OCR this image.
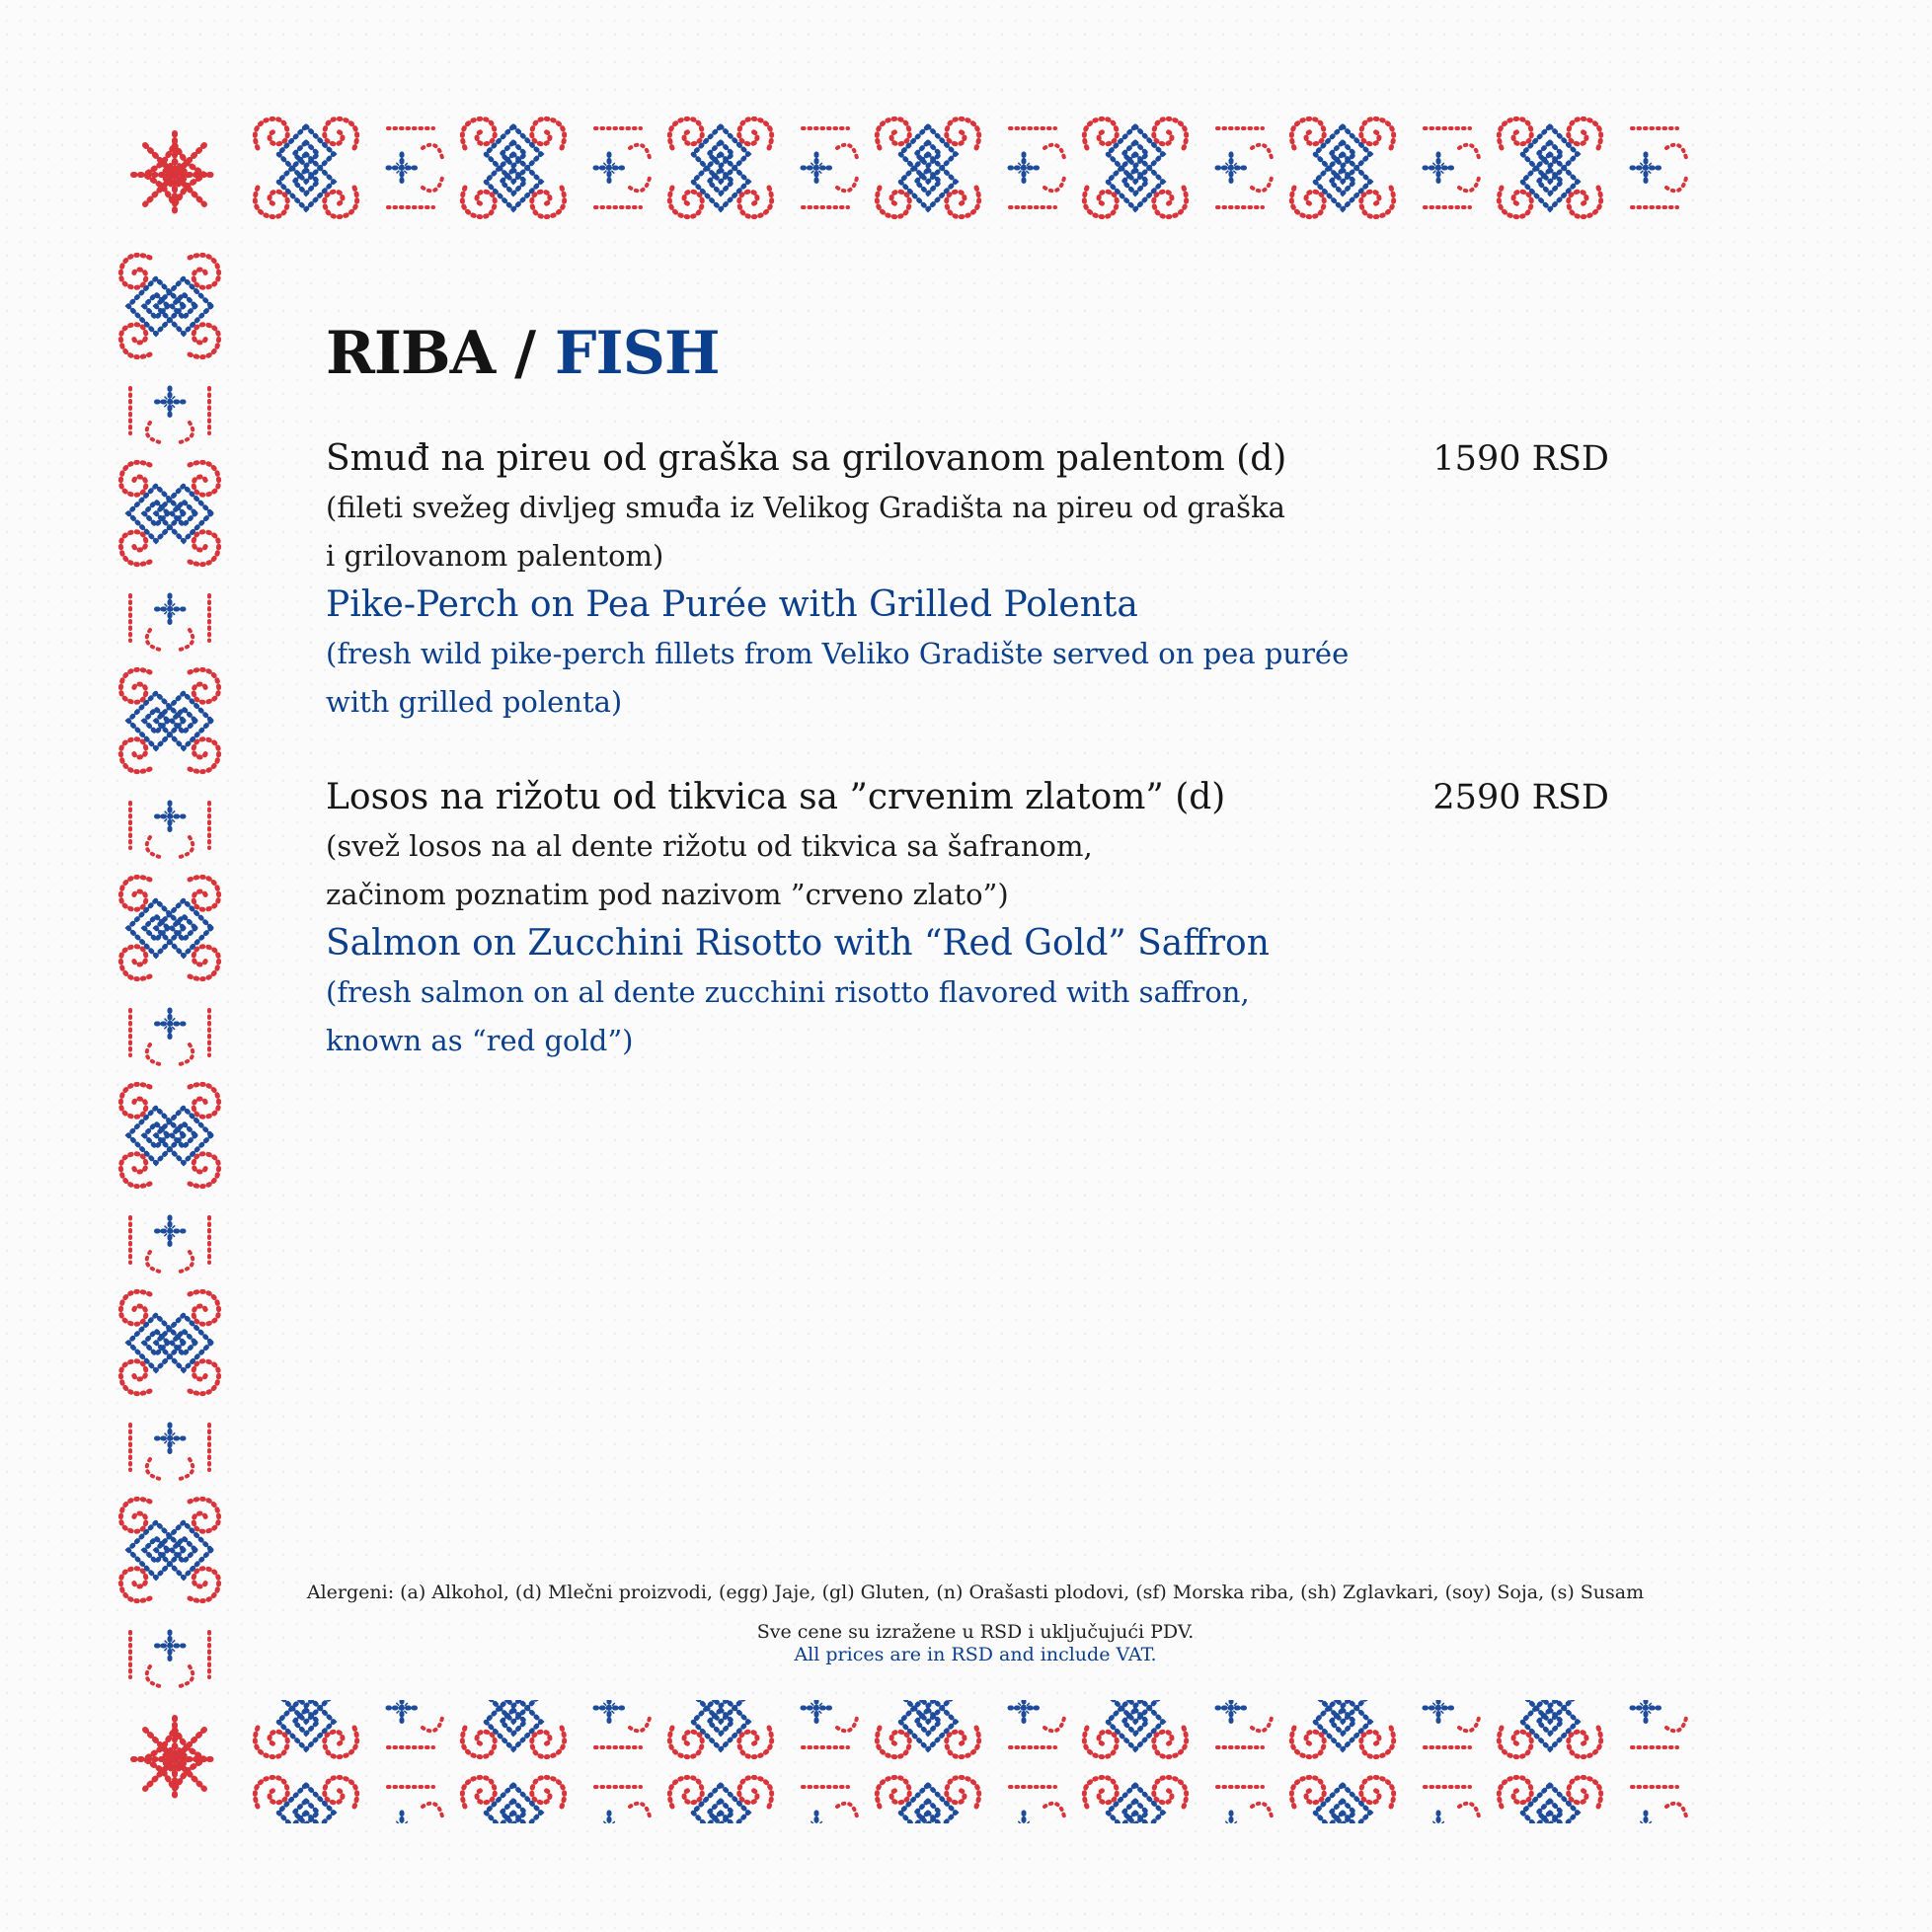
RIBA / FISH
Smuđ na pireu od graška sa grilovanom palentom (d)	1590 RSD
(fileti svežeg divljeg smuđa iz Velikog Gradišta na pireu od graška
i grilovanom palentom)
Pike-Perch on Pea Purée with Grilled Polenta
(fresh wild pike-perch fillets from Veliko Gradište served on pea purée
with grilled polenta)
Losos na rižotu od tikvica sa ”crvenim zlatom” (d)	2590 RSD
(svež losos na al dente rižotu od tikvica sa šafranom,
začinom poznatim pod nazivom ”crveno zlato”)
Salmon on Zucchini Risotto with “Red Gold” Saffron
(fresh salmon on al dente zucchini risotto flavored with saffron,
known as “red gold”)
Alergeni: (a) Alkohol, (d) Mlečni proizvodi, (egg) Jaje, (gl) Gluten, (n) Orašasti plodovi, (sf) Morska riba, (sh) Zglavkari, (soy) Soja, (s) Susam
Sve cene su izražene u RSD i uključujući PDV.
All prices are in RSD and include VAT.
